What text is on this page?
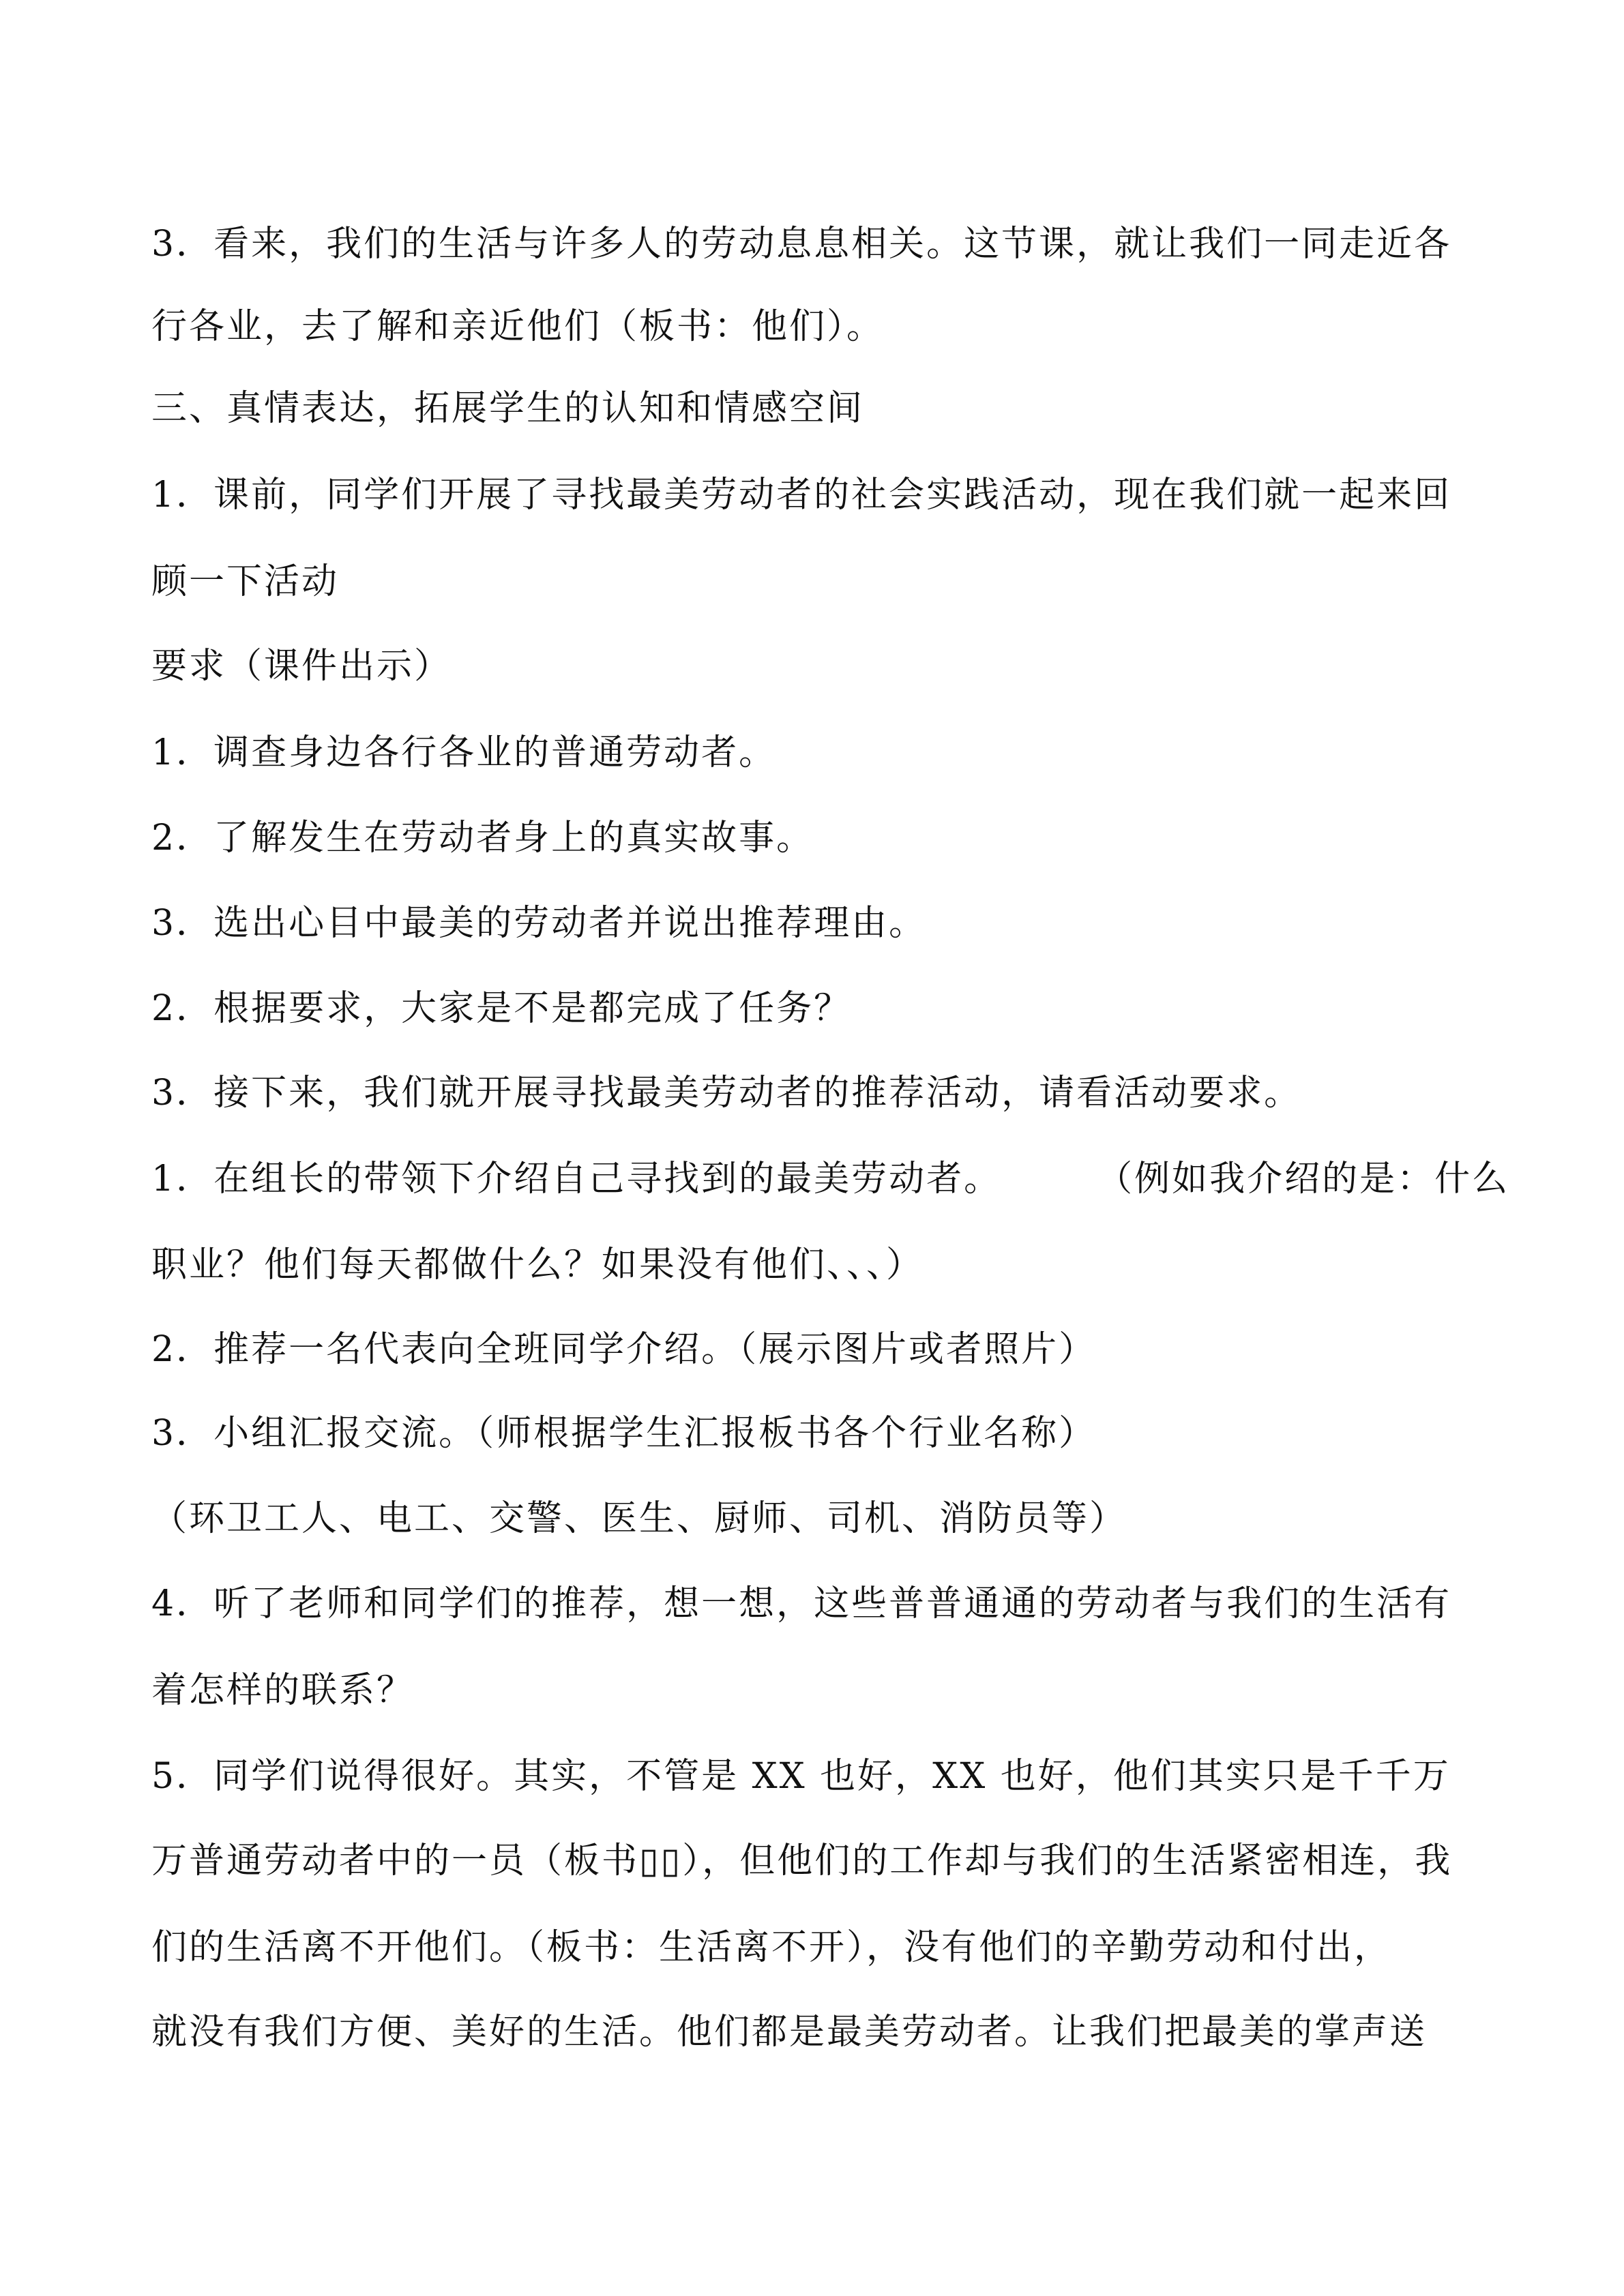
3．看来，我们的生活与许多人的劳动息息相关。这节课，就让我们一同走近各
行各业，去了解和亲近他们（板书：他们）。
三、真情表达，拓展学生的认知和情感空间
1．课前，同学们开展了寻找最美劳动者的社会实践活动，现在我们就一起来回
顾一下活动
要求（课件出示）
1．调查身边各行各业的普通劳动者。
2．了解发生在劳动者身上的真实故事。
3．选出心目中最美的劳动者并说出推荐理由。
2．根据要求，大家是不是都完成了任务？
3．接下来，我们就开展寻找最美劳动者的推荐活动，请看活动要求。
1．在组长的带领下介绍自己寻找到的最美劳动者。	（例如我介绍的是：什么
职业？他们每天都做什么？如果没有他们、、、）
2．推荐一名代表向全班同学介绍。（展示图片或者照片）
3．小组汇报交流。（师根据学生汇报板书各个行业名称）
（环卫工人、电工、交警、医生、厨师、司机、消防员等）
4．听了老师和同学们的推荐，想一想，这些普普通通的劳动者与我们的生活有
着怎样的联系？
5．同学们说得很好。其实，不管是 XX 也好，XX 也好，他们其实只是千千万
万普通劳动者中的一员（板书▯▯），但他们的工作却与我们的生活紧密相连，我
们的生活离不开他们。（板书：生活离不开），没有他们的辛勤劳动和付出，
就没有我们方便、美好的生活。他们都是最美劳动者。让我们把最美的掌声送
